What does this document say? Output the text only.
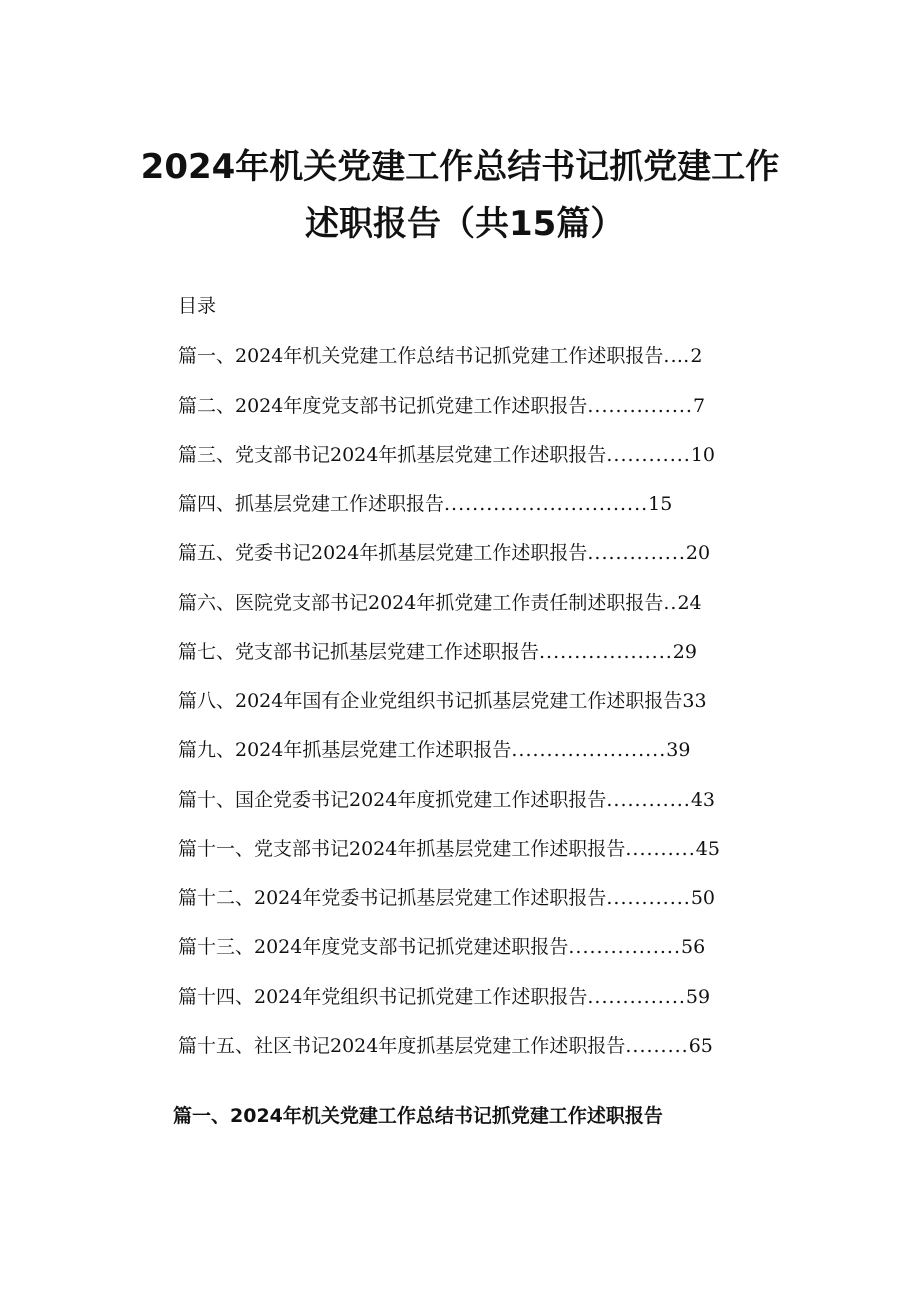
2024年机关党建工作总结书记抓党建工作
述职报告（共15篇）
目录
篇一、2024年机关党建工作总结书记抓党建工作述职报告.…2
篇二、2024年度党支部书记抓党建工作述职报告...............7
篇三、党支部书记2024年抓基层党建工作述职报告............10
篇四、抓基层党建工作述职报告.............................15
篇五、党委书记2024年抓基层党建工作述职报告..............20
篇六、医院党支部书记2024年抓党建工作责任制述职报告..24
篇七、党支部书记抓基层党建工作述职报告...................29
篇八、2024年国有企业党组织书记抓基层党建工作述职报告33
篇九、2024年抓基层党建工作述职报告......................39
篇十、国企党委书记2024年度抓党建工作述职报告............43
篇十一、党支部书记2024年抓基层党建工作述职报告..........45
篇十二、2024年党委书记抓基层党建工作述职报告............50
篇十三、2024年度党支部书记抓党建述职报告................56
篇十四、2024年党组织书记抓党建工作述职报告..............59
篇十五、社区书记2024年度抓基层党建工作述职报告.........65
篇一、2024年机关党建工作总结书记抓党建工作述职报告
